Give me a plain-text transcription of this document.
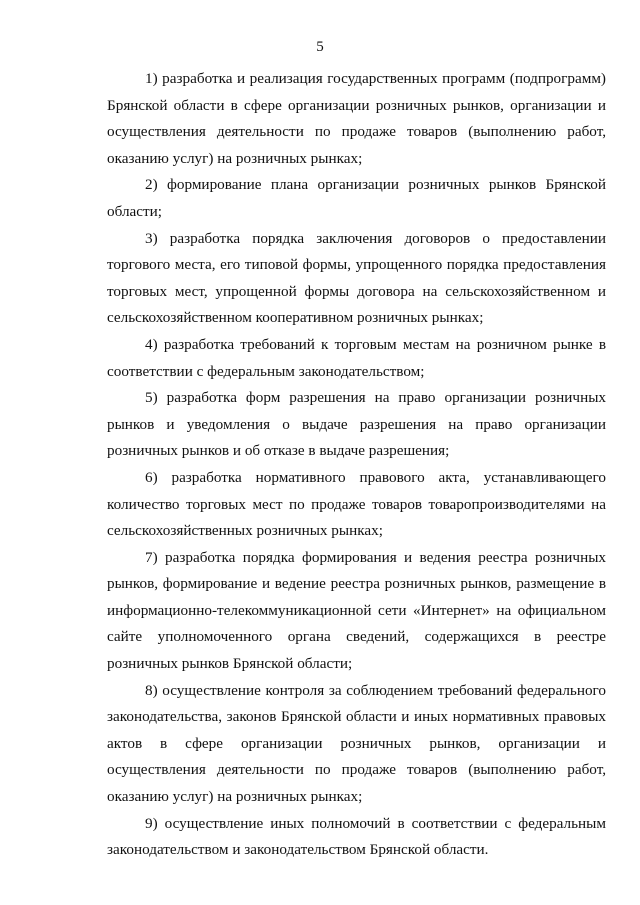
5

1) разработка и реализация государственных программ (подпрограмм) Брянской области в сфере организации розничных рынков, организации и осуществления деятельности по продаже товаров (выполнению работ, оказанию услуг) на розничных рынках;

2) формирование плана организации розничных рынков Брянской области;

3) разработка порядка заключения договоров о предоставлении торгового места, его типовой формы, упрощенного порядка предоставления торговых мест, упрощенной формы договора на сельскохозяйственном и сельскохозяйственном кооперативном розничных рынках;

4) разработка требований к торговым местам на розничном рынке в соответствии с федеральным законодательством;

5) разработка форм разрешения на право организации розничных рынков и уведомления о выдаче разрешения на право организации розничных рынков и об отказе в выдаче разрешения;

6) разработка нормативного правового акта, устанавливающего количество торговых мест по продаже товаров товаропроизводителями на сельскохозяйственных розничных рынках;

7) разработка порядка формирования и ведения реестра розничных рынков, формирование и ведение реестра розничных рынков, размещение в информационно-телекоммуникационной сети «Интернет» на официальном сайте уполномоченного органа сведений, содержащихся в реестре розничных рынков Брянской области;

8) осуществление контроля за соблюдением требований федерального законодательства, законов Брянской области и иных нормативных правовых актов в сфере организации розничных рынков, организации и осуществления деятельности по продаже товаров (выполнению работ, оказанию услуг) на розничных рынках;

9) осуществление иных полномочий в соответствии с федеральным законодательством и законодательством Брянской области.
